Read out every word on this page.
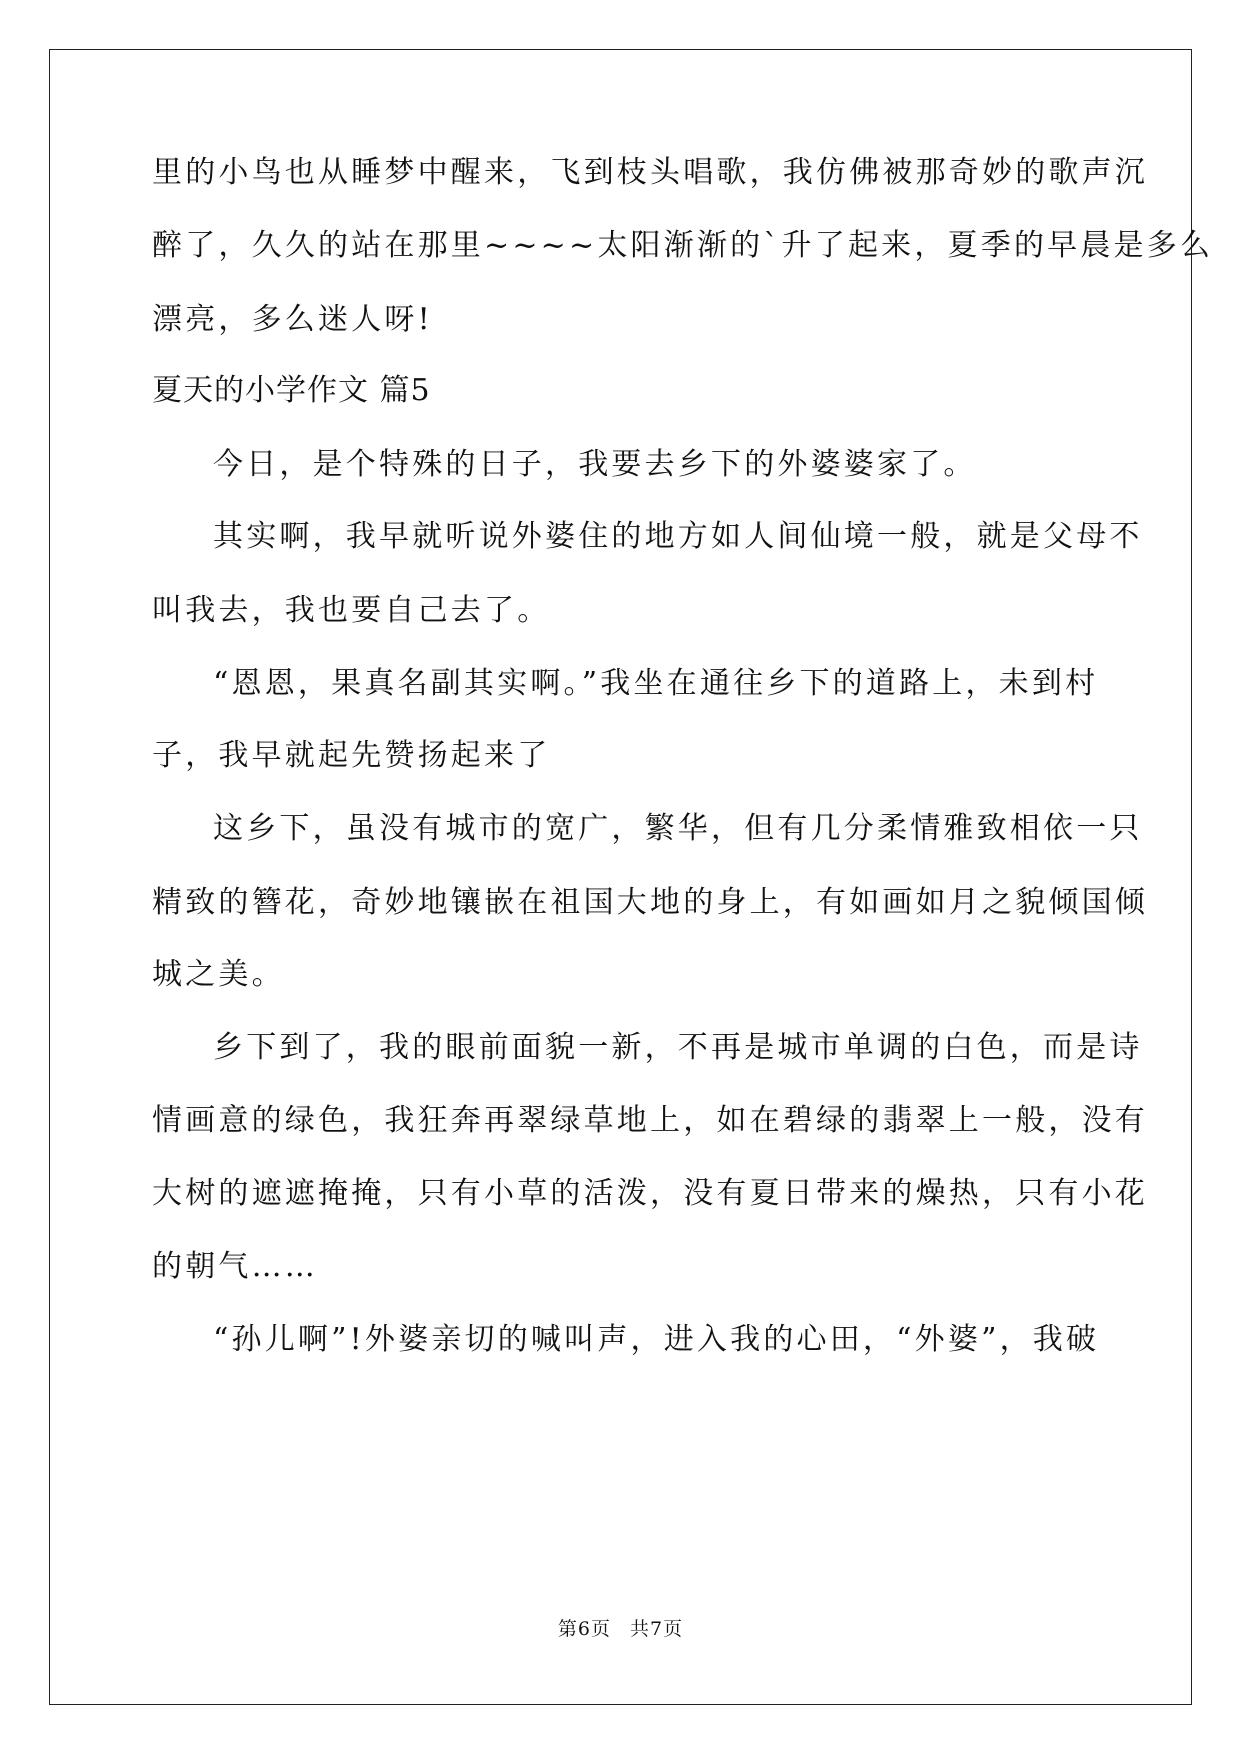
里的小鸟也从睡梦中醒来，飞到枝头唱歌，我仿佛被那奇妙的歌声沉
醉了，久久的站在那里~~~~太阳渐渐的`升了起来，夏季的早晨是多么
漂亮，多么迷人呀!
夏天的小学作文 篇5
今日，是个特殊的日子，我要去乡下的外婆婆家了。
其实啊，我早就听说外婆住的地方如人间仙境一般，就是父母不
叫我去，我也要自己去了。
“恩恩，果真名副其实啊。”我坐在通往乡下的道路上，未到村
子，我早就起先赞扬起来了
这乡下，虽没有城市的宽广，繁华，但有几分柔情雅致相依一只
精致的簪花，奇妙地镶嵌在祖国大地的身上，有如画如月之貌倾国倾
城之美。
乡下到了，我的眼前面貌一新，不再是城市单调的白色，而是诗
情画意的绿色，我狂奔再翠绿草地上，如在碧绿的翡翠上一般，没有
大树的遮遮掩掩，只有小草的活泼，没有夏日带来的燥热，只有小花
的朝气……
“孙儿啊”!外婆亲切的喊叫声，进入我的心田，“外婆”，我破
第6页 共7页
